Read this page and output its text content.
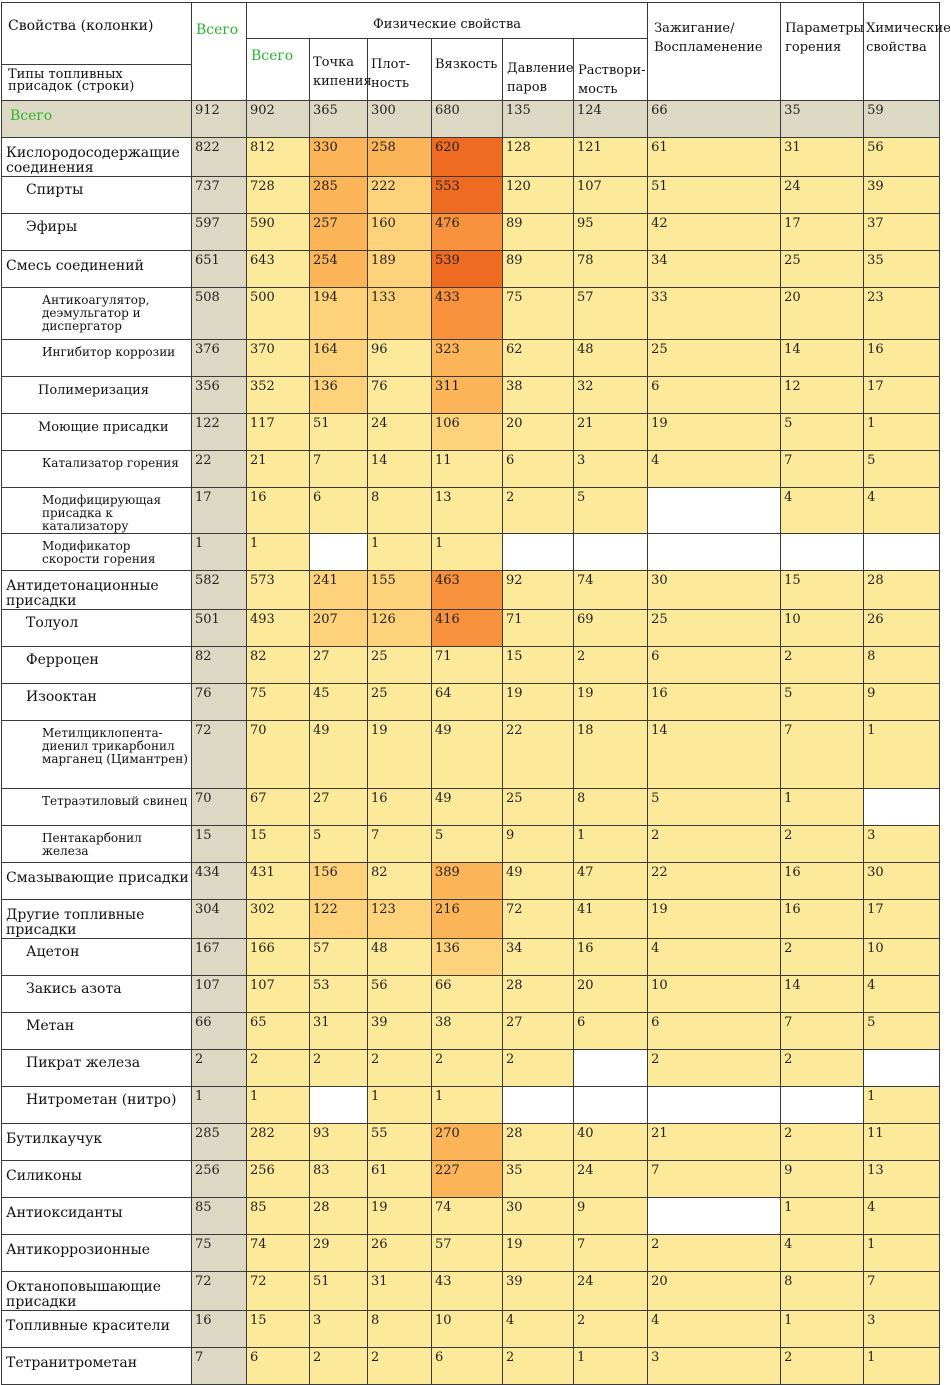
Свойства (колонки)
Типы топливных присадок (строки)	Всего	Физические свойства						Зажигание/ Воспламенение	Параметры горения	Химические свойства
		Всего	Точка кипения	Плот-ность	Вязкость	Давление паров	Раствори-мость			

Всего	912	902	365	300	680	135	124	66	35	59

Кислородосодержащие соединения	822	812	330	258	620	128	121	61	31	56

Спирты	737	728	285	222	553	120	107	51	24	39

Эфиры	597	590	257	160	476	89	95	42	17	37

Смесь соединений	651	643	254	189	539	89	78	34	25	35

Антикоагулятор, деэмульгатор и диспергатор	508	500	194	133	433	75	57	33	20	23

Ингибитор коррозии	376	370	164	96	323	62	48	25	14	16

Полимеризация	356	352	136	76	311	38	32	6	12	17

Моющие присадки	122	117	51	24	106	20	21	19	5	1

Катализатор горения	22	21	7	14	11	6	3	4	7	5

Модифицирующая присадка к катализатору	17	16	6	8	13	2	5		4	4

Модификатор скорости горения	1	1		1	1					

Антидетонационные присадки	582	573	241	155	463	92	74	30	15	28

Толуол	501	493	207	126	416	71	69	25	10	26

Ферроцен	82	82	27	25	71	15	2	6	2	8

Изооктан	76	75	45	25	64	19	19	16	5	9

Метилциклопента-диенил трикарбонил марганец (Цимантрен)	72	70	49	19	49	22	18	14	7	1

Тетраэтиловый свинец	70	67	27	16	49	25	8	5	1	

Пентакарбонил железа	15	15	5	7	5	9	1	2	2	3

Смазывающие присадки	434	431	156	82	389	49	47	22	16	30

Другие топливные присадки	304	302	122	123	216	72	41	19	16	17

Ацетон	167	166	57	48	136	34	16	4	2	10

Закись азота	107	107	53	56	66	28	20	10	14	4

Метан	66	65	31	39	38	27	6	6	7	5

Пикрат железа	2	2	2	2	2	2		2	2	

Нитрометан (нитро)	1	1		1	1					1

Бутилкаучук	285	282	93	55	270	28	40	21	2	11

Силиконы	256	256	83	61	227	35	24	7	9	13

Антиоксиданты	85	85	28	19	74	30	9		1	4

Антикоррозионные	75	74	29	26	57	19	7	2	4	1

Октаноповышающие присадки	72	72	51	31	43	39	24	20	8	7

Топливные красители	16	15	3	8	10	4	2	4	1	3

Тетранитрометан	7	6	2	2	6	2	1	3	2	1
